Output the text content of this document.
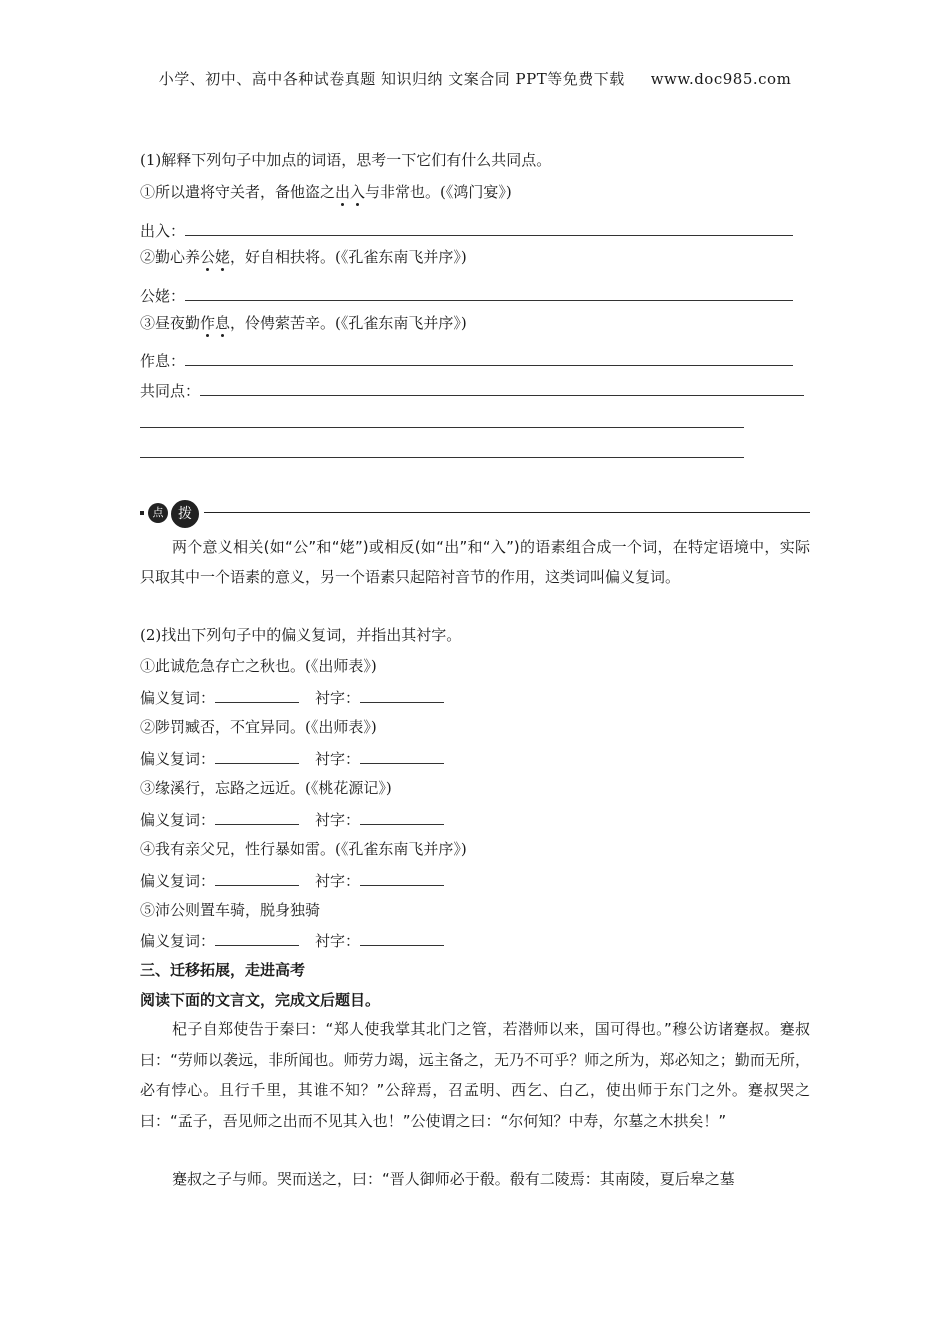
小学、初中、高中各种试卷真题 知识归纳 文案合同 PPT等免费下载 www.doc985.com
(1)解释下列句子中加点的词语，思考一下它们有什么共同点。
①所以遣将守关者，备他盗之出入与非常也。(《鸿门宴》)
出入：
②勤心养公姥，好自相扶将。(《孔雀东南飞并序》)
公姥：
③昼夜勤作息，伶俜萦苦辛。(《孔雀东南飞并序》)
作息：
共同点：
点	拨
两个意义相关(如“公”和“姥”)或相反(如“出”和“入”)的语素组合成一个词，在特定语境中，实际只取其中一个语素的意义，另一个语素只起陪衬音节的作用，这类词叫偏义复词。
(2)找出下列句子中的偏义复词，并指出其衬字。
①此诚危急存亡之秋也。(《出师表》)
偏义复词：	衬字：
②陟罚臧否，不宜异同。(《出师表》)
偏义复词：	衬字：
③缘溪行，忘路之远近。(《桃花源记》)
偏义复词：	衬字：
④我有亲父兄，性行暴如雷。(《孔雀东南飞并序》)
偏义复词：	衬字：
⑤沛公则置车骑，脱身独骑
偏义复词：	衬字：
三、迁移拓展，走进高考
阅读下面的文言文，完成文后题目。
杞子自郑使告于秦曰：“郑人使我掌其北门之管，若潜师以来，国可得也。”穆公访诸蹇叔。蹇叔曰：“劳师以袭远，非所闻也。师劳力竭，远主备之，无乃不可乎？师之所为，郑必知之；勤而无所，必有悖心。且行千里，其谁不知？”公辞焉，召孟明、西乞、白乙，使出师于东门之外。蹇叔哭之曰：“孟子，吾见师之出而不见其入也！”公使谓之曰：“尔何知？中寿，尔墓之木拱矣！”
蹇叔之子与师。哭而送之，曰：“晋人御师必于殽。殽有二陵焉：其南陵，夏后皋之墓
